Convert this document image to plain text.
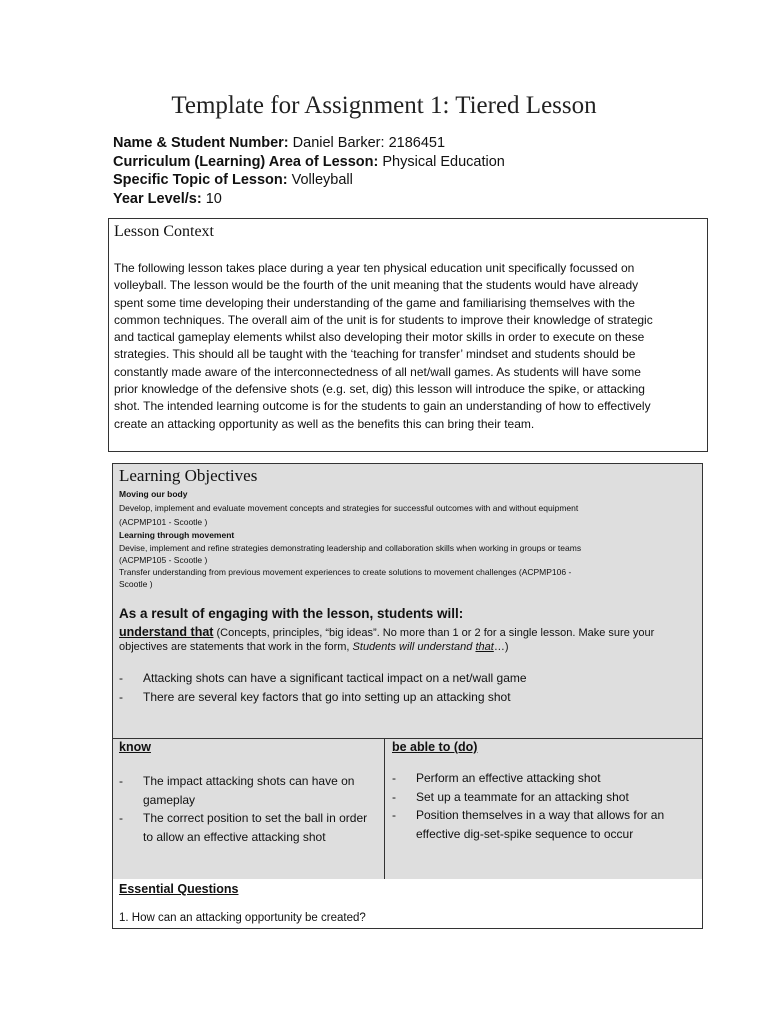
Template for Assignment 1: Tiered Lesson
Name & Student Number: Daniel Barker: 2186451
Curriculum (Learning) Area of Lesson: Physical Education
Specific Topic of Lesson: Volleyball
Year Level/s: 10
Lesson Context
The following lesson takes place during a year ten physical education unit specifically focussed on
volleyball. The lesson would be the fourth of the unit meaning that the students would have already
spent some time developing their understanding of the game and familiarising themselves with the
common techniques. The overall aim of the unit is for students to improve their knowledge of strategic
and tactical gameplay elements whilst also developing their motor skills in order to execute on these
strategies. This should all be taught with the ‘teaching for transfer’ mindset and students should be
constantly made aware of the interconnectedness of all net/wall games. As students will have some
prior knowledge of the defensive shots (e.g. set, dig) this lesson will introduce the spike, or attacking
shot. The intended learning outcome is for the students to gain an understanding of how to effectively
create an attacking opportunity as well as the benefits this can bring their team.
Learning Objectives
Moving our body
Develop, implement and evaluate movement concepts and strategies for successful outcomes with and without equipment
(ACPMP101 - Scootle )
Learning through movement
Devise, implement and refine strategies demonstrating leadership and collaboration skills when working in groups or teams
(ACPMP105 - Scootle )
Transfer understanding from previous movement experiences to create solutions to movement challenges (ACPMP106 -
Scootle )
As a result of engaging with the lesson, students will:
understand that (Concepts, principles, “big ideas”. No more than 1 or 2 for a single lesson. Make sure your objectives are statements that work in the form, Students will understand that…)
- Attacking shots can have a significant tactical impact on a net/wall game
- There are several key factors that go into setting up an attacking shot
know
- The impact attacking shots can have on gameplay
- The correct position to set the ball in order to allow an effective attacking shot
be able to (do)
- Perform an effective attacking shot
- Set up a teammate for an attacking shot
- Position themselves in a way that allows for an effective dig-set-spike sequence to occur
Essential Questions
1. How can an attacking opportunity be created?
